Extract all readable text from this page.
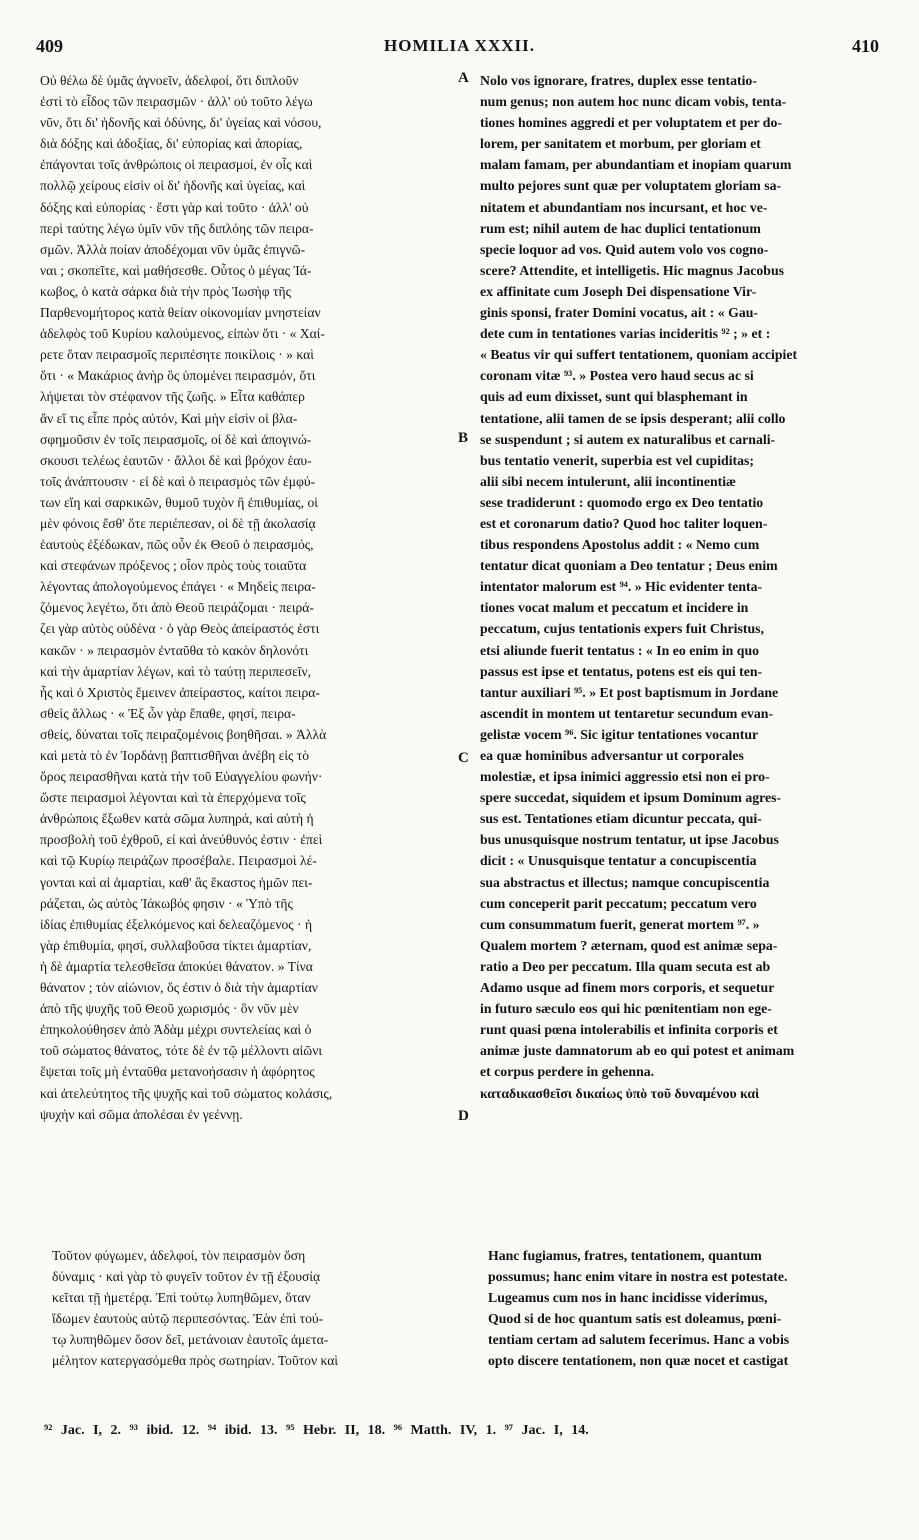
409	HOMILIA XXXII.	410
A
B
C
D
Οὐ θέλω δὲ ὑμᾶς ἀγνοεῖν, ἀδελφοί, ὅτι διπλοῦν
ἐστὶ τὸ εἶδος τῶν πειρασμῶν · ἀλλ' οὐ τοῦτο λέγω
νῦν, ὅτι δι' ἡδονῆς καὶ ὀδύνης, δι' ὑγείας καὶ νόσου,
διὰ δόξης καὶ ἀδοξίας, δι' εὐπορίας καὶ ἀπορίας,
ἐπάγονται τοῖς ἀνθρώποις οἱ πειρασμοί, ἐν οἷς καὶ
πολλῷ χείρους εἰσὶν οἱ δι' ἡδονῆς καὶ ὑγείας, καὶ
δόξης καὶ εὐπορίας · ἔστι γὰρ καὶ τοῦτο · ἀλλ' οὐ
περὶ ταύτης λέγω ὑμῖν νῦν τῆς διπλόης τῶν πειρα-
σμῶν. Ἀλλὰ ποίαν ἀποδέχομαι νῦν ὑμᾶς ἐπιγνῶ-
ναι ; σκοπεῖτε, καὶ μαθήσεσθε. Οὗτος ὁ μέγας Ἰά-
κωβος, ὁ κατὰ σάρκα διὰ τὴν πρὸς Ἰωσὴφ τῆς
Παρθενομήτορος κατὰ θείαν οἰκονομίαν μνηστείαν
ἀδελφὸς τοῦ Κυρίου καλούμενος, εἰπὼν ὅτι · « Χαί-
ρετε ὅταν πειρασμοῖς περιπέσητε ποικίλοις · » καὶ
ὅτι · « Μακάριος ἀνὴρ ὃς ὑπομένει πειρασμόν, ὅτι
λήψεται τὸν στέφανον τῆς ζωῆς. » Εἶτα καθάπερ
ἄν εἴ τις εἶπε πρὸς αὐτόν, Καὶ μὴν εἰσὶν οἱ βλα-
σφημοῦσιν ἐν τοῖς πειρασμοῖς, οἱ δὲ καὶ ἀπογινώ-
σκουσι τελέως ἑαυτῶν · ἄλλοι δὲ καὶ βρόχον ἑαυ-
τοῖς ἀνάπτουσιν · εἰ δὲ καὶ ὁ πειρασμὸς τῶν ἐμφύ-
των εἴη καὶ σαρκικῶν, θυμοῦ τυχὸν ἢ ἐπιθυμίας, οἱ
μὲν φόνοις ἔσθ' ὅτε περιέπεσαν, οἱ δὲ τῇ ἀκολασίᾳ
ἑαυτοὺς ἐξέδωκαν, πῶς οὖν ἐκ Θεοῦ ὁ πειρασμός,
καὶ στεφάνων πρόξενος ; οἷον πρὸς τοὺς τοιαῦτα
λέγοντας ἀπολογούμενος ἐπάγει · « Μηδεὶς πειρα-
ζόμενος λεγέτω, ὅτι ἀπὸ Θεοῦ πειράζομαι · πειρά-
ζει γὰρ αὐτὸς οὐδένα · ὁ γὰρ Θεὸς ἀπείραστός ἐστι
κακῶν · » πειρασμὸν ἐνταῦθα τὸ κακὸν δηλονότι
καὶ τὴν ἁμαρτίαν λέγων, καὶ τὸ ταύτῃ περιπεσεῖν,
ἧς καὶ ὁ Χριστὸς ἔμεινεν ἀπείραστος, καίτοι πειρα-
σθεὶς ἄλλως · « Ἐξ ὧν γὰρ ἔπαθε, φησί, πειρα-
σθείς, δύναται τοῖς πειραζομένοις βοηθῆσαι. » Ἀλλὰ
καὶ μετὰ τὸ ἐν Ἰορδάνῃ βαπτισθῆναι ἀνέβη εἰς τὸ
ὄρος πειρασθῆναι κατὰ τὴν τοῦ Εὐαγγελίου φωνήν·
ὥστε πειρασμοὶ λέγονται καὶ τὰ ἐπερχόμενα τοῖς
ἀνθρώποις ἔξωθεν κατὰ σῶμα λυπηρά, καὶ αὐτὴ ἡ
προσβολὴ τοῦ ἐχθροῦ, εἰ καὶ ἀνεύθυνός ἐστιν · ἐπεὶ
καὶ τῷ Κυρίῳ πειράζων προσέβαλε. Πειρασμοὶ λέ-
γονται καὶ αἱ ἁμαρτίαι, καθ' ἃς ἕκαστος ἡμῶν πει-
ράζεται, ὡς αὐτὸς Ἰάκωβός φησιν · « Ὑπὸ τῆς
ἰδίας ἐπιθυμίας ἐξελκόμενος καὶ δελεαζόμενος · ἡ
γὰρ ἐπιθυμία, φησί, συλλαβοῦσα τίκτει ἁμαρτίαν,
ἡ δὲ ἁμαρτία τελεσθεῖσα ἀποκύει θάνατον. » Τίνα
θάνατον ; τὸν αἰώνιον, ὅς ἐστιν ὁ διὰ τὴν ἁμαρτίαν
ἀπὸ τῆς ψυχῆς τοῦ Θεοῦ χωρισμός · ὃν νῦν μὲν
ἐπηκολούθησεν ἀπὸ Ἀδὰμ μέχρι συντελείας καὶ ὁ
τοῦ σώματος θάνατος, τότε δὲ ἐν τῷ μέλλοντι αἰῶνι
ἕψεται τοῖς μὴ ἐνταῦθα μετανοήσασιν ἡ ἀφόρητος
καὶ ἀτελεύτητος τῆς ψυχῆς καὶ τοῦ σώματος κολάσις,
ψυχὴν καὶ σῶμα ἀπολέσαι ἐν γεέννῃ.
Nolo vos ignorare, fratres, duplex esse tentatio-
num genus; non autem hoc nunc dicam vobis, tenta-
tiones homines aggredi et per voluptatem et per do-
lorem, per sanitatem et morbum, per gloriam et
malam famam, per abundantiam et inopiam quarum
multo pejores sunt quæ per voluptatem gloriam sa-
nitatem et abundantiam nos incursant, et hoc ve-
rum est; nihil autem de hac duplici tentationum
specie loquor ad vos. Quid autem volo vos cogno-
scere? Attendite, et intelligetis. Hic magnus Jacobus
ex affinitate cum Joseph Dei dispensatione Vir-
ginis sponsi, frater Domini vocatus, ait : « Gau-
dete cum in tentationes varias incideritis ⁹² ; » et :
« Beatus vir qui suffert tentationem, quoniam accipiet
coronam vitæ ⁹³. » Postea vero haud secus ac si
quis ad eum dixisset, sunt qui blasphemant in
tentatione, alii tamen de se ipsis desperant; alii collo
se suspendunt ; si autem ex naturalibus et carnali-
bus tentatio venerit, superbia est vel cupiditas;
alii sibi necem intulerunt, alii incontinentiæ
sese tradiderunt : quomodo ergo ex Deo tentatio
est et coronarum datio? Quod hoc taliter loquen-
tibus respondens Apostolus addit : « Nemo cum
tentatur dicat quoniam a Deo tentatur ; Deus enim
intentator malorum est ⁹⁴. » Hic evidenter tenta-
tiones vocat malum et peccatum et incidere in
peccatum, cujus tentationis expers fuit Christus,
etsi aliunde fuerit tentatus : « In eo enim in quo
passus est ipse et tentatus, potens est eis qui ten-
tantur auxiliari ⁹⁵. » Et post baptismum in Jordane
ascendit in montem ut tentaretur secundum evan-
gelistæ vocem ⁹⁶. Sic igitur tentationes vocantur
ea quæ hominibus adversantur ut corporales
molestiæ, et ipsa inimici aggressio etsi non ei pro-
spere succedat, siquidem et ipsum Dominum agres-
sus est. Tentationes etiam dicuntur peccata, qui-
bus unusquisque nostrum tentatur, ut ipse Jacobus
dicit : « Unusquisque tentatur a concupiscentia
sua abstractus et illectus; namque concupiscentia
cum conceperit parit peccatum; peccatum vero
cum consummatum fuerit, generat mortem ⁹⁷. »
Qualem mortem ? æternam, quod est animæ sepa-
ratio a Deo per peccatum. Illa quam secuta est ab
Adamo usque ad finem mors corporis, et sequetur
in futuro sæculo eos qui hic pœnitentiam non ege-
runt quasi pœna intolerabilis et infinita corporis et
animæ juste damnatorum ab eo qui potest et animam
et corpus perdere in gehenna.
καταδικασθεῖσι δικαίως ὑπὸ τοῦ δυναμένου καὶ
Τοῦτον φύγωμεν, ἀδελφοί, τὸν πειρασμὸν ὅση
δύναμις · καὶ γὰρ τὸ φυγεῖν τοῦτον ἐν τῇ ἐξουσίᾳ
κεῖται τῇ ἡμετέρᾳ. Ἐπὶ τούτῳ λυπηθῶμεν, ὅταν
ἴδωμεν ἑαυτοὺς αὐτῷ περιπεσόντας. Ἐὰν ἐπὶ τού-
τῳ λυπηθῶμεν ὅσον δεῖ, μετάνοιαν ἑαυτοῖς ἀμετα-
μέλητον κατεργασόμεθα πρὸς σωτηρίαν. Τοῦτον καὶ
Hanc fugiamus, fratres, tentationem, quantum
possumus; hanc enim vitare in nostra est potestate.
Lugeamus cum nos in hanc incidisse viderimus,
Quod si de hoc quantum satis est doleamus, pœni-
tentiam certam ad salutem fecerimus. Hanc a vobis
opto discere tentationem, non quæ nocet et castigat
⁹² Jac. I, 2. ⁹³ ibid. 12. ⁹⁴ ibid. 13. ⁹⁵ Hebr. II, 18. ⁹⁶ Matth. IV, 1. ⁹⁷ Jac. I, 14.
